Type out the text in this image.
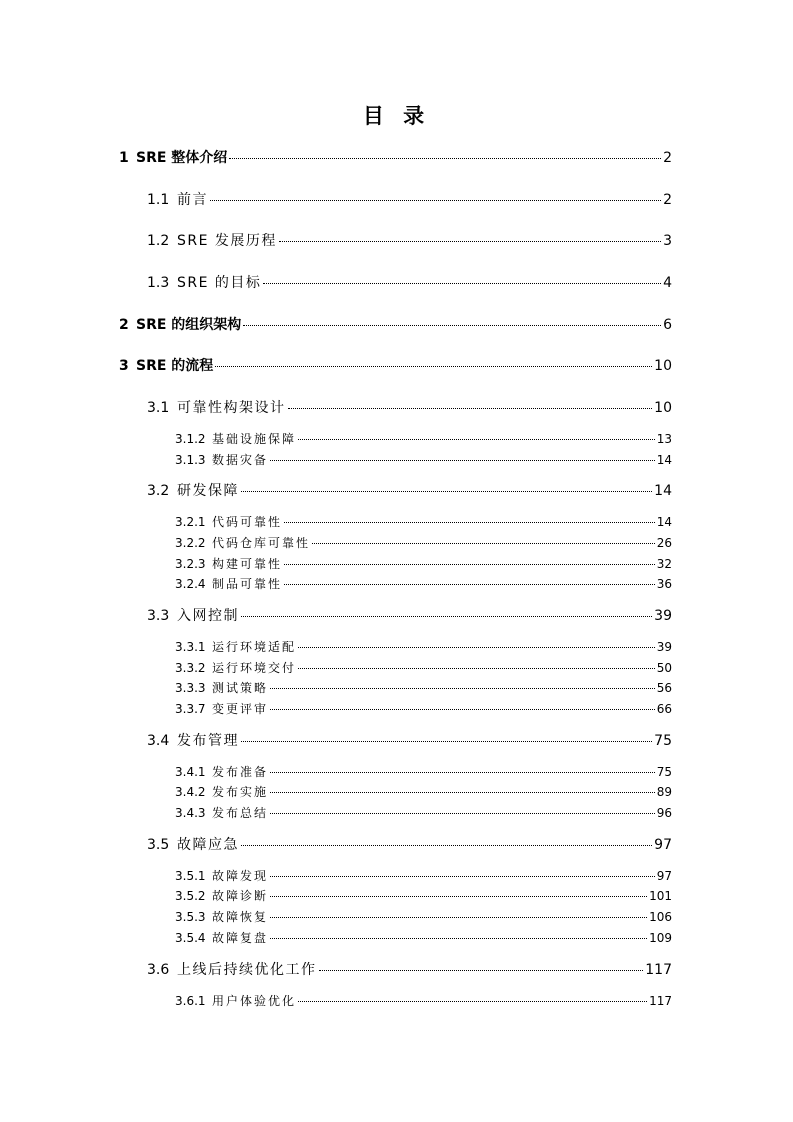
目 录
1 SRE 整体介绍	2
1.1 前言	2
1.2 SRE 发展历程	3
1.3 SRE 的目标	4
2 SRE 的组织架构	6
3 SRE 的流程	10
3.1 可靠性构架设计	10
3.1.2 基础设施保障	13
3.1.3 数据灾备	14
3.2 研发保障	14
3.2.1 代码可靠性	14
3.2.2 代码仓库可靠性	26
3.2.3 构建可靠性	32
3.2.4 制品可靠性	36
3.3 入网控制	39
3.3.1 运行环境适配	39
3.3.2 运行环境交付	50
3.3.3 测试策略	56
3.3.7 变更评审	66
3.4 发布管理	75
3.4.1 发布准备	75
3.4.2 发布实施	89
3.4.3 发布总结	96
3.5 故障应急	97
3.5.1 故障发现	97
3.5.2 故障诊断	101
3.5.3 故障恢复	106
3.5.4 故障复盘	109
3.6 上线后持续优化工作	117
3.6.1 用户体验优化	117
